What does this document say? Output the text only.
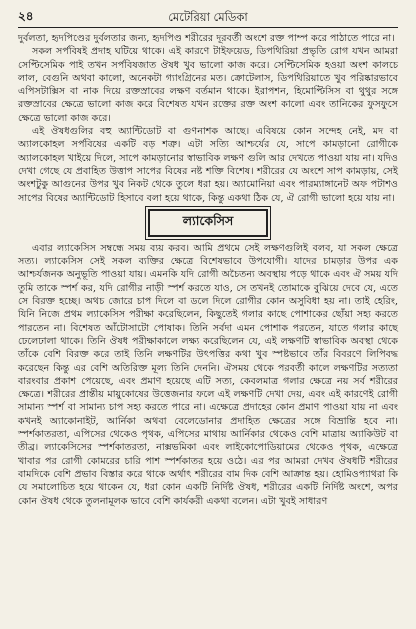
২৪	মেটেরিয়া মেডিকা

দুর্বলতা, হৃদপিণ্ডের দুর্বলতার জন্য, হৃদপিণ্ড শরীরের দূরবর্তী অংশে রক্ত পাম্প করে পাঠাতে পারে না।

সকল সর্পবিষই প্রদাহ ঘটিয়ে থাকে। এই কারণে টাইফয়েড, ডিপথিরিয়া প্রভৃতি রোগ যখন আমরা সেপ্টিসেমিক পাই তখন সর্পবিষজাত ঔষধ খুব ভালো কাজ করে। সেপ্টিসেমিক হওয়া অংশ কালচে লাল, বেগুনি অথবা কালো, অনেকটা গ্যাংগ্রিনের মত। ক্রোটেলাস, ডিপথিরিয়াতে খুব পরিষ্কারভাবে এপিসটাক্সিস বা নাক দিয়ে রক্তস্রাবের লক্ষণ বর্তমান থাকে। ইরাপশন, হিমোপ্টিসিস বা থুথুর সঙ্গে রক্তস্রাবের ক্ষেত্রে ভালো কাজ করে বিশেষত যখন রক্তের রক্ত অংশ কালো এবং তানিকের ফুসফুসে ক্ষেত্রে ভালো কাজ করে।

এই ঔষধগুলির বহু অ্যান্টিডোট বা গুণনাশক আছে। এবিষয়ে কোন সন্দেহ নেই, মদ বা অ্যালকোহল সর্পবিষের একটি বড় শত্রু। এটা সত্যি আশ্চর্যের যে, সাপে কামড়ানো রোগীকে অ্যালকোহল খাইয়ে দিলে, সাপে কামড়ানোর স্বাভাবিক লক্ষণ গুলি আর দেখতে পাওয়া যায় না। যদিও দেখা গেছে যে প্রবাহিত উত্তাপ সাপের বিষের নষ্ট শক্তি বিশেষ। শরীরের যে অংশে সাপ কামড়ায়, সেই অংশটুকু আগুনের উপর খুব নিকট থেকে তুলে ধরা হয়। অ্যামোনিয়া এবং পারম্যাঙ্গানেট অফ পটাশও সাপের বিষের অ্যান্টিডোট হিসাবে বলা হয়ে থাকে, কিন্তু একথা ঠিক যে, ঐ রোগী ভালো হয়ে যায় না।

ল্যাকেসিস

এবার ল্যাকেসিস সম্বন্ধে সময় ব্যয় করব। আমি প্রথমে সেই লক্ষণগুলিই বলব, যা সকল ক্ষেত্রে সত্য। ল্যাকেসিস সেই সকল ব্যক্তির ক্ষেত্রে বিশেষভাবে উপযোগী। যাদের চামড়ার উপর এক আশ্চর্যজনক অনুভূতি পাওয়া যায়। এমনকি যদি রোগী অচৈতন্য অবস্থায় পড়ে থাকে এবং ঐ সময় যদি তুমি তাকে স্পর্শ কর, যদি রোগীর নাড়ী স্পর্শ করতে যাও, সে তখনই তোমাকে বুঝিয়ে দেবে যে, এতে সে বিরক্ত হচ্ছে। অথচ জোরে চাপ দিলে বা ডলে দিলে রোগীর কোন অসুবিধা হয় না। তাই হেরিং, যিনি নিজে প্রথম ল্যাকেসিস পরীক্ষা করেছিলেন, কিছুতেই গলার কাছে পোশাকের ছোঁয়া সহ্য করতে পারতেন না। বিশেষত আঁটোসাটো পোষাক। তিনি সর্বদা এমন পোশাক পরতেন, যাতে গলার কাছে ঢেলেঢালা থাকে। তিনি ঔষধ পরীক্ষাকালে লক্ষ্য করেছিলেন যে, এই লক্ষণটি স্বাভাবিক অবস্থা থেকে তাঁকে বেশি বিরক্ত করে তাই তিনি লক্ষণটির উৎপত্তির কথা খুব স্পষ্টভাবে তাঁর বিবরণে লিপিবদ্ধ করেছেন কিন্তু এর বেশি অতিরিক্ত মূল্য তিনি দেননি। ঐসময় থেকে পরবর্তী কালে লক্ষণটির সত্যতা বারংবার প্রকাশ পেয়েছে, এবং প্রমাণ হয়েছে এটি সত্য, কেবলমাত্র গলার ক্ষেত্রে নয় সর্ব শরীরের ক্ষেত্রে। শরীরের প্রান্তীয় মায়ুকোষের উত্তেজনার ফলে এই লক্ষণটি দেখা দেয়, এবং এই কারণেই রোগী সামান্য স্পর্শ বা সামান্য চাপ সহ্য করতে পারে না। এক্ষেত্রে প্রদাহের কোন প্রমাণ পাওয়া যায় না এবং কখনই অ্যাকোনাইট, আর্নিকা অথবা বেলেডোনার প্রদাহিত ক্ষেত্রের সঙ্গে বিভ্রান্তি হবে না। স্পর্শকাতরতা, এপিসের থেকেও পৃথক, এপিসের মাথায় আর্নিকার থেকেও বেশি মাত্রায় অ্যাকিউট বা তীব্র। ল্যাকেসিসের স্পর্শকাতরতা, নাক্সভমিকা এবং লাইকোপোডিয়ামের থেকেও পৃথক, এক্ষেত্রে খাবার পর রোগী কোমরের চারি পাশ স্পর্শকাতর হয়ে ওঠে। এর পর আমরা দেখব ঔষধটি শরীরের বামদিকে বেশি প্রভাব বিস্তার করে থাকে অর্থাৎ শরীরের বাম দিক বেশি আক্রান্ত হয়। হোমিওপ্যাথরা কি যে সমালোচিত হয়ে থাকেন যে, ধরা কোন একটি নির্দিষ্ট ঔষধ, শরীরের একটি নির্দিষ্ট অংশে, অপর কোন ঔষধ থেকে তুলনামূলক ভাবে বেশি কার্যকরী একথা বলেন। এটা খুবই সাধারণ
